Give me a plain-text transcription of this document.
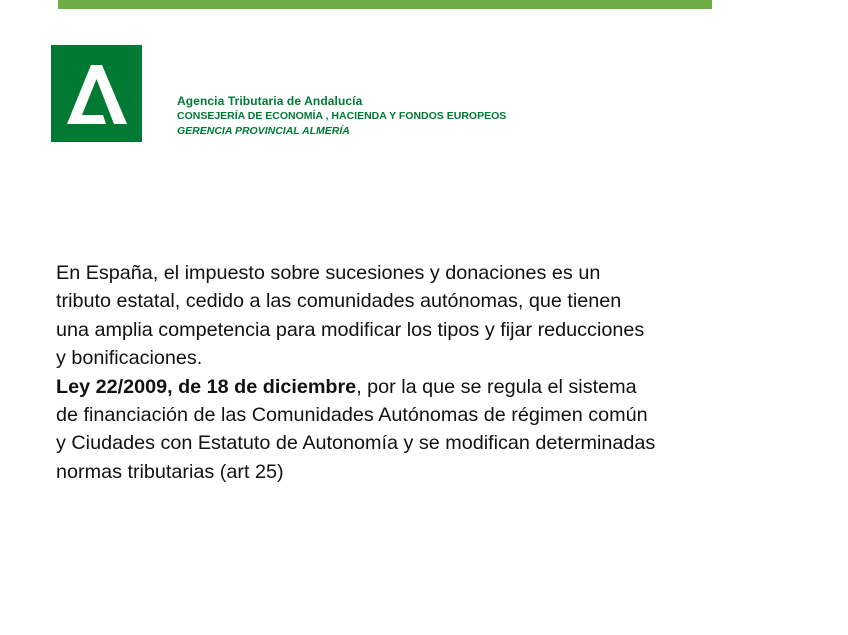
Agencia Tributaria de Andalucía
CONSEJERÍA DE ECONOMÍA , HACIENDA Y FONDOS EUROPEOS
GERENCIA PROVINCIAL ALMERÍA

En España, el impuesto sobre sucesiones y donaciones es un
tributo estatal, cedido a las comunidades autónomas, que tienen
una amplia competencia para modificar los tipos y fijar reducciones
y bonificaciones.

Ley 22/2009, de 18 de diciembre, por la que se regula el sistema
de financiación de las Comunidades Autónomas de régimen común
y Ciudades con Estatuto de Autonomía y se modifican determinadas
normas tributarias (art 25)
